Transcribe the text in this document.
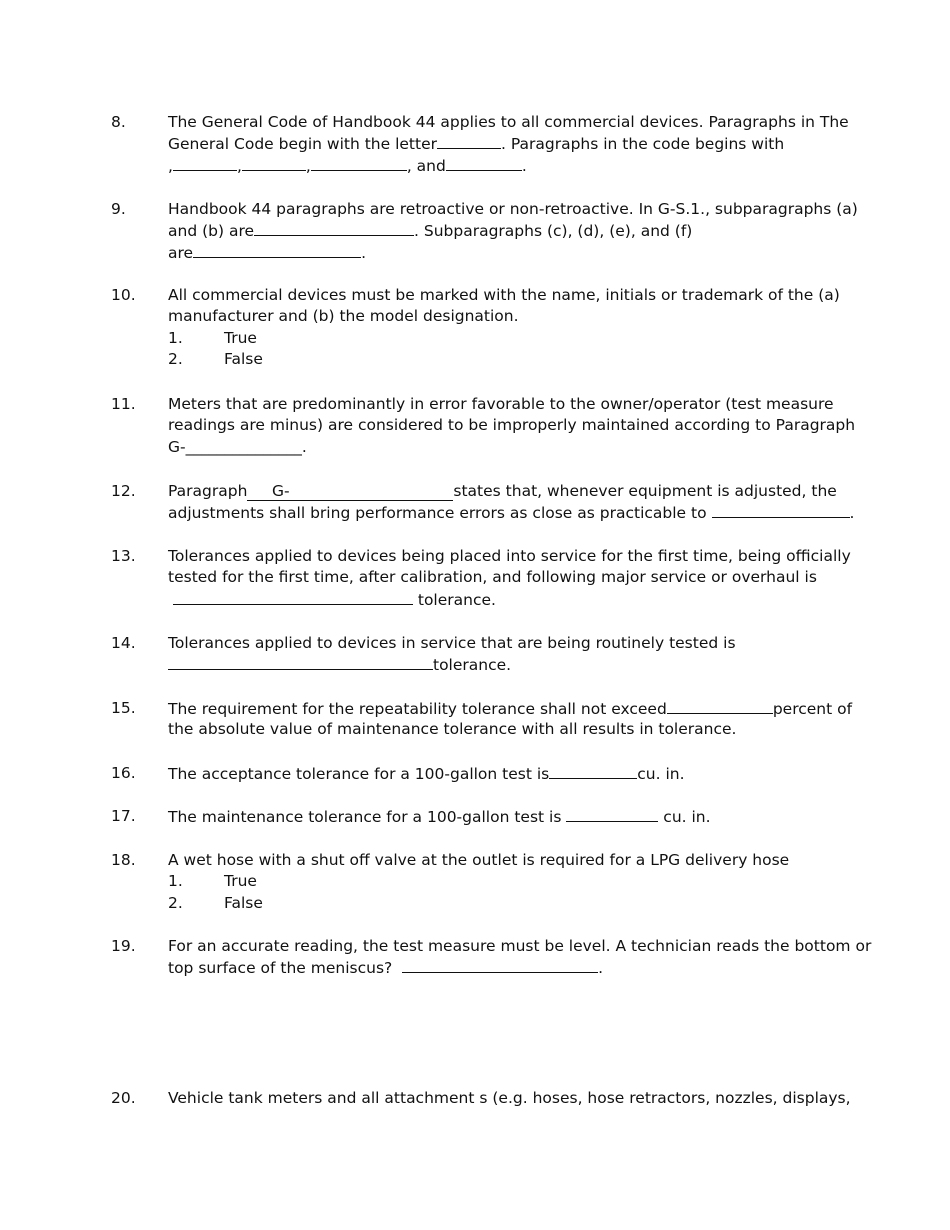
8.	The General Code of Handbook 44 applies to all commercial devices. Paragraphs in The
General Code begin with the letter	. Paragraphs in the code begins with
,	,	,	, and	.
9.	Handbook 44 paragraphs are retroactive or non-retroactive. In G-S.1., subparagraphs (a)
and (b) are	. Subparagraphs (c), (d), (e), and (f)
are	.
10. All commercial devices must be marked with the name, initials or trademark of the (a)
manufacturer and (b) the model designation.
1.	True
2.	False
11. Meters that are predominantly in error favorable to the owner/operator (test measure
readings are minus) are considered to be improperly maintained according to Paragraph
G-_______________.
12. Paragraph G-	states that, whenever equipment is adjusted, the
adjustments shall bring performance errors as close as practicable to	.
13. Tolerances applied to devices being placed into service for the first time, being officially
tested for the first time, after calibration, and following major service or overhaul is
tolerance.
14. Tolerances applied to devices in service that are being routinely tested is
tolerance.
15. The requirement for the repeatability tolerance shall not exceed	percent of
the absolute value of maintenance tolerance with all results in tolerance.
16. The acceptance tolerance for a 100-gallon test is	cu. in.
17. The maintenance tolerance for a 100-gallon test is	cu. in.
18. A wet hose with a shut off valve at the outlet is required for a LPG delivery hose
1.	True
2.	False
19. For an accurate reading, the test measure must be level. A technician reads the bottom or
top surface of the meniscus?	.
20. Vehicle tank meters and all attachment s (e.g. hoses, hose retractors, nozzles, displays,
